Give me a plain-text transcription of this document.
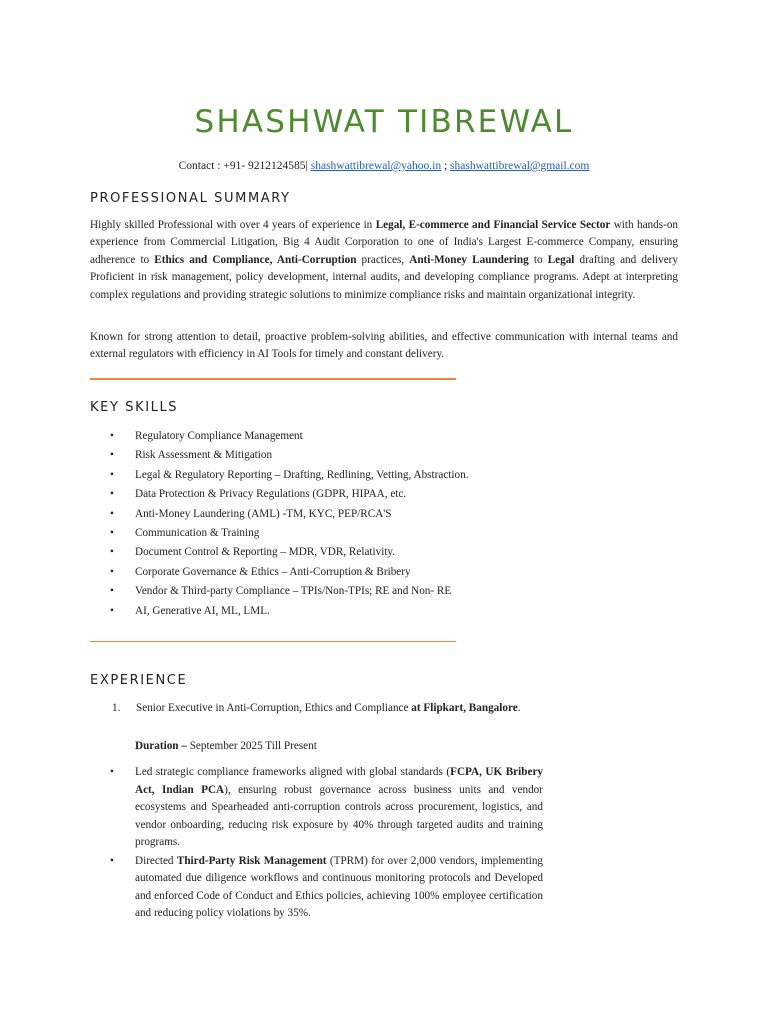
SHASHWAT TIBREWAL
Contact : +91- 9212124585| shashwattibrewal@yahoo.in ; shashwattibrewal@gmail.com
PROFESSIONAL SUMMARY

Highly skilled Professional with over 4 years of experience in Legal, E-commerce and Financial Service Sector with hands-on experience from Commercial Litigation, Big 4 Audit Corporation to one of India's Largest E-commerce Company, ensuring adherence to Ethics and Compliance, Anti-Corruption practices, Anti-Money Laundering to Legal drafting and delivery Proficient in risk management, policy development, internal audits, and developing compliance programs. Adept at interpreting complex regulations and providing strategic solutions to minimize compliance risks and maintain organizational integrity.

Known for strong attention to detail, proactive problem-solving abilities, and effective communication with internal teams and external regulators with efficiency in AI Tools for timely and constant delivery.

KEY SKILLS
• Regulatory Compliance Management
• Risk Assessment & Mitigation
• Legal & Regulatory Reporting – Drafting, Redlining, Vetting, Abstraction.
• Data Protection & Privacy Regulations (GDPR, HIPAA, etc.
• Anti-Money Laundering (AML) -TM, KYC, PEP/RCA'S
• Communication & Training
• Document Control & Reporting – MDR, VDR, Relativity.
• Corporate Governance & Ethics – Anti-Corruption & Bribery
• Vendor & Third-party Compliance – TPIs/Non-TPIs; RE and Non- RE
• AI, Generative AI, ML, LML.
EXPERIENCE
1. Senior Executive in Anti-Corruption, Ethics and Compliance at Flipkart, Bangalore.
Duration – September 2025 Till Present
• Led strategic compliance frameworks aligned with global standards (FCPA, UK Bribery Act, Indian PCA), ensuring robust governance across business units and vendor ecosystems and Spearheaded anti-corruption controls across procurement, logistics, and vendor onboarding, reducing risk exposure by 40% through targeted audits and training programs.
• Directed Third-Party Risk Management (TPRM) for over 2,000 vendors, implementing automated due diligence workflows and continuous monitoring protocols and Developed and enforced Code of Conduct and Ethics policies, achieving 100% employee certification and reducing policy violations by 35%.
